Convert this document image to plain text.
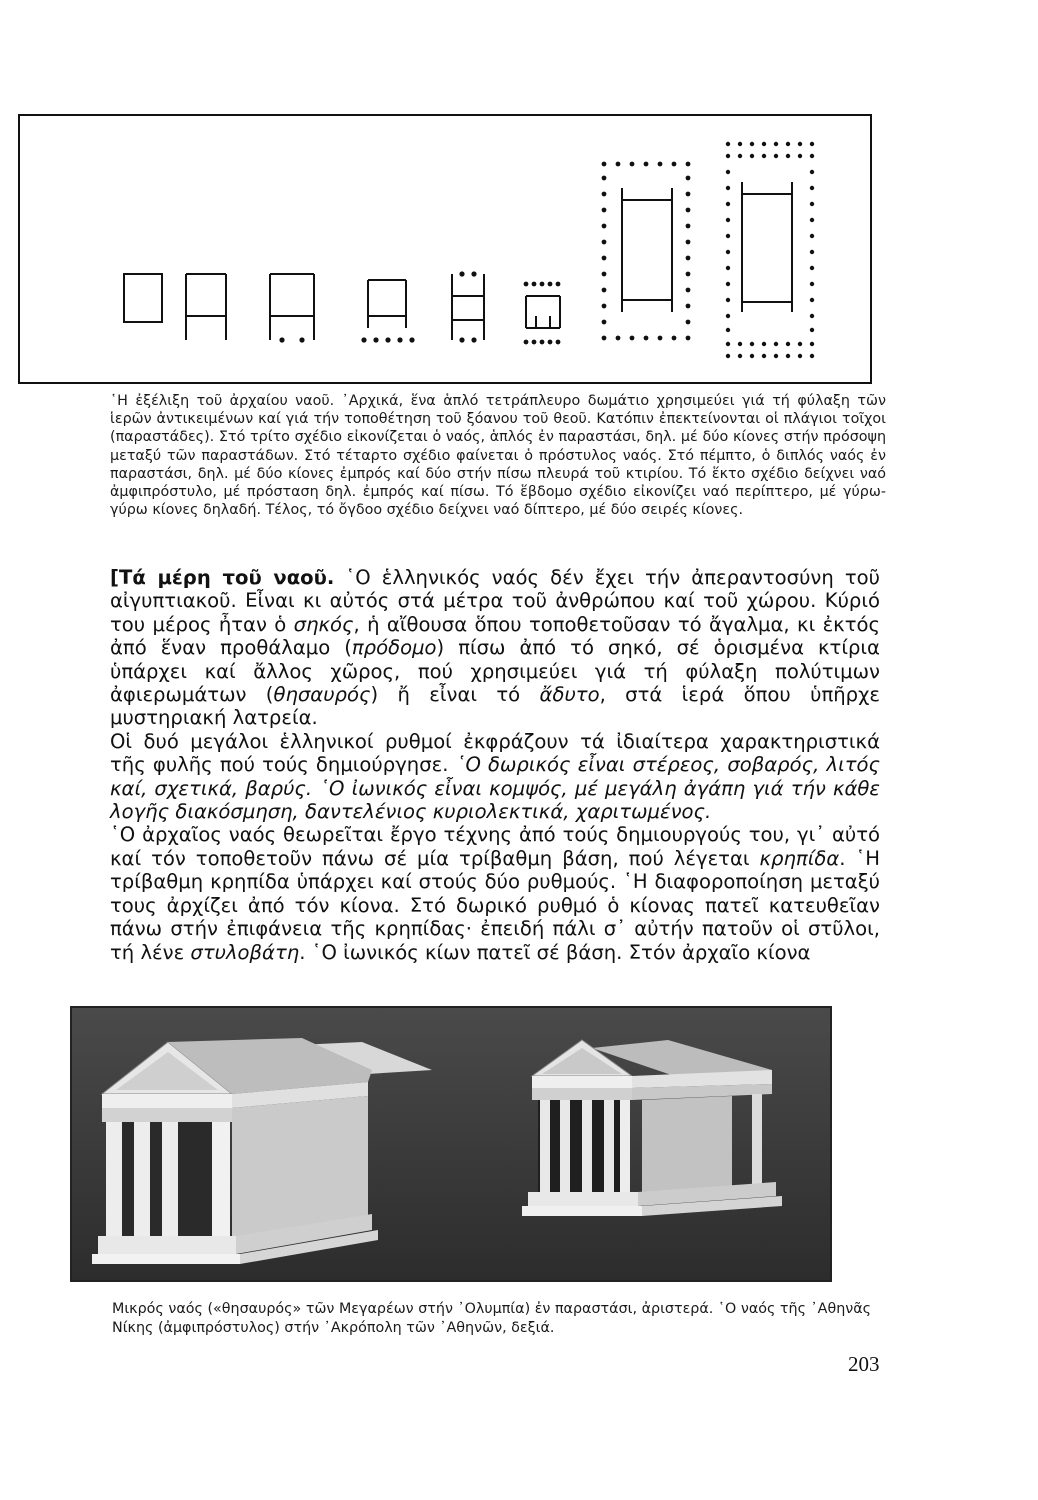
῾Η ἐξέλιξη τοῦ ἀρχαίου ναοῦ. ᾿Αρχικά, ἕνα ἁπλό τετράπλευρο δωμάτιο χρησιμεύει γιά τή φύλαξη τῶν ἱερῶν ἀντικειμένων καί γιά τήν τοποθέτηση τοῦ ξόανου τοῦ θεοῦ. Κατόπιν ἐπεκτείνονται οἱ πλάγιοι τοῖχοι (παραστάδες). Στό τρίτο σχέδιο εἰκονίζεται ὁ ναός, ἁπλός ἐν παραστάσι, δηλ. μέ δύο κίονες στήν πρόσοψη μεταξύ τῶν παραστάδων. Στό τέταρτο σχέδιο φαίνεται ὁ πρόστυλος ναός. Στό πέμπτο, ὁ διπλός ναός ἐν παραστάσι, δηλ. μέ δύο κίονες ἐμπρός καί δύο στήν πίσω πλευρά τοῦ κτιρίου. Τό ἕκτο σχέδιο δείχνει ναό ἀμφιπρόστυλο, μέ πρόσταση δηλ. ἐμπρός καί πίσω. Τό ἕβδομο σχέδιο εἰκονίζει ναό περίπτερο, μέ γύρω-γύρω κίονες δηλαδή. Τέλος, τό ὄγδοο σχέδιο δείχνει ναό δίπτερο, μέ δύο σειρές κίονες.

[Τά μέρη τοῦ ναοῦ. ῾Ο ἑλληνικός ναός δέν ἔχει τήν ἀπεραντοσύνη τοῦ αἰγυπτιακοῦ. Εἶναι κι αὐτός στά μέτρα τοῦ ἀνθρώπου καί τοῦ χώρου. Κύριό του μέρος ἦταν ὁ σηκός, ἡ αἴθουσα ὅπου τοποθετοῦσαν τό ἄγαλμα, κι ἐκτός ἀπό ἕναν προθάλαμο (πρόδομο) πίσω ἀπό τό σηκό, σέ ὁρισμένα κτίρια ὑπάρχει καί ἄλλος χῶρος, πού χρησιμεύει γιά τή φύλαξη πολύτιμων ἀφιερωμάτων (θησαυρός) ἤ εἶναι τό ἄδυτο, στά ἱερά ὅπου ὑπῆρχε μυστηριακή λατρεία.

Οἱ δυό μεγάλοι ἑλληνικοί ρυθμοί ἐκφράζουν τά ἰδιαίτερα χαρακτηριστικά τῆς φυλῆς πού τούς δημιούργησε. ῾Ο δωρικός εἶναι στέρεος, σοβαρός, λιτός καί, σχετικά, βαρύς. ῾Ο ἰωνικός εἶναι κομψός, μέ μεγάλη ἀγάπη γιά τήν κάθε λογῆς διακόσμηση, δαντελένιος κυριολεκτικά, χαριτωμένος.

῾Ο ἀρχαῖος ναός θεωρεῖται ἔργο τέχνης ἀπό τούς δημιουργούς του, γι᾿ αὐτό καί τόν τοποθετοῦν πάνω σέ μία τρίβαθμη βάση, πού λέγεται κρηπίδα. ῾Η τρίβαθμη κρηπίδα ὑπάρχει καί στούς δύο ρυθμούς. ῾Η διαφοροποίηση μεταξύ τους ἀρχίζει ἀπό τόν κίονα. Στό δωρικό ρυθμό ὁ κίονας πατεῖ κατευθεῖαν πάνω στήν ἐπιφάνεια τῆς κρηπίδας· ἐπειδή πάλι σ᾿ αὐτήν πατοῦν οἱ στῦλοι, τή λένε στυλοβάτη. ῾Ο ἰωνικός κίων πατεῖ σέ βάση. Στόν ἀρχαῖο κίονα

Μικρός ναός («θησαυρός» τῶν Μεγαρέων στήν ᾿Ολυμπία) ἐν παραστάσι, ἀριστερά. ῾Ο ναός τῆς ᾿Αθηνᾶς Νίκης (ἀμφιπρόστυλος) στήν ᾿Ακρόπολη τῶν ᾿Αθηνῶν, δεξιά.
203
